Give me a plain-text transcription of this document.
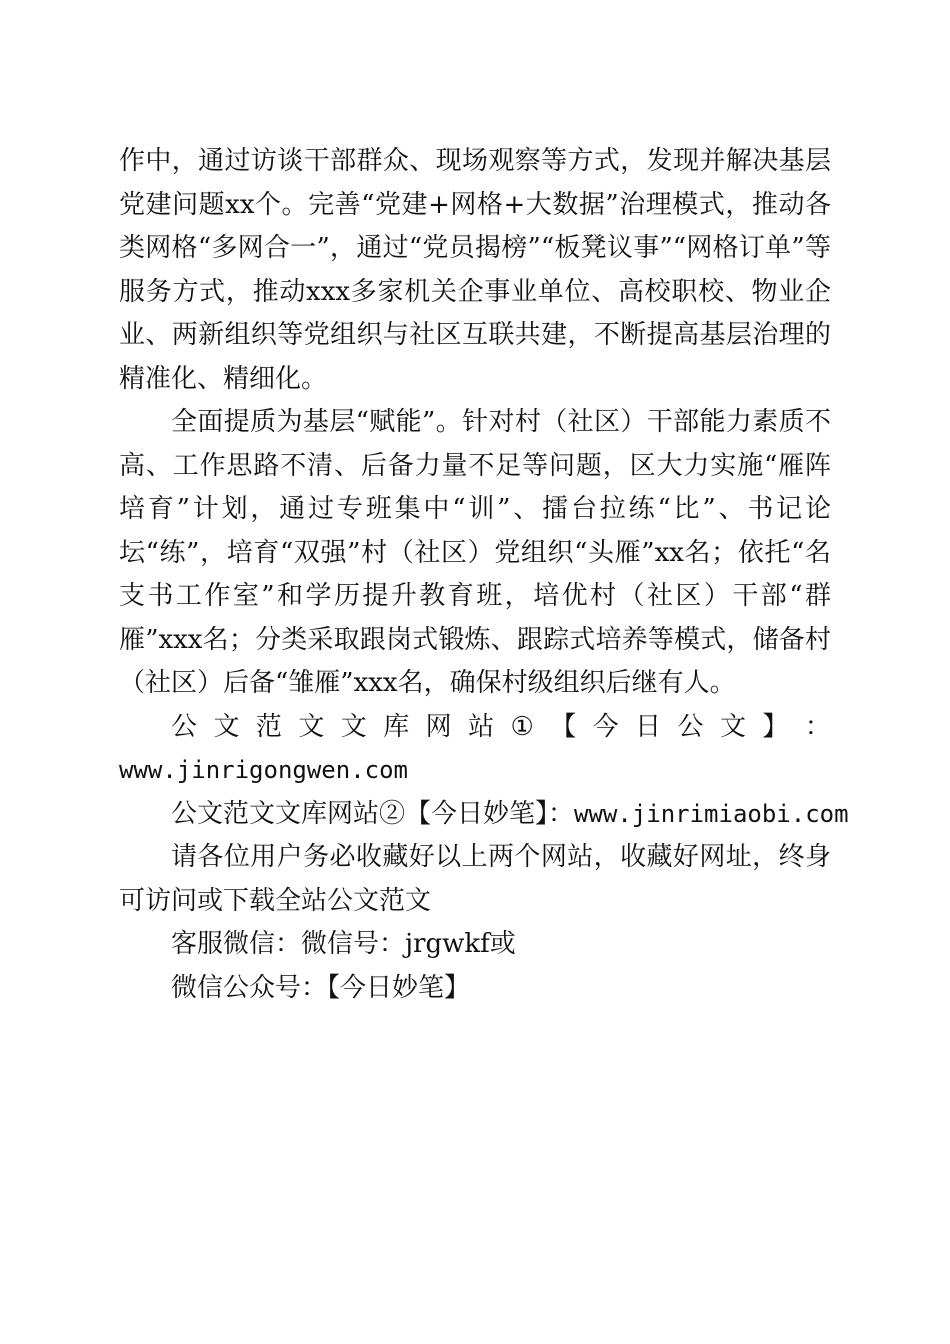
作中，通过访谈干部群众、现场观察等方式，发现并解决基层党建问题xx个。完善“党建+网格+大数据”治理模式，推动各类网格“多网合一”，通过“党员揭榜”“板凳议事”“网格订单”等服务方式，推动xxx多家机关企事业单位、高校职校、物业企业、两新组织等党组织与社区互联共建，不断提高基层治理的精准化、精细化。

全面提质为基层“赋能”。针对村（社区）干部能力素质不高、工作思路不清、后备力量不足等问题，区大力实施“雁阵培育”计划，通过专班集中“训”、擂台拉练“比”、书记论坛“练”，培育“双强”村（社区）党组织“头雁”xx名；依托“名支书工作室”和学历提升教育班，培优村（社区）干部“群雁”xxx名；分类采取跟岗式锻炼、跟踪式培养等模式，储备村（社区）后备“雏雁”xxx名，确保村级组织后继有人。

公 文 范 文 文 库 网 站 ① 【 今 日 公 文 】 ：

www.jinrigongwen.com

公文范文文库网站②【今日妙笔】：www.jinrimiaobi.com

请各位用户务必收藏好以上两个网站，收藏好网址，终身可访问或下载全站公文范文

客服微信：微信号：jrgwkf或

微信公众号：【今日妙笔】
